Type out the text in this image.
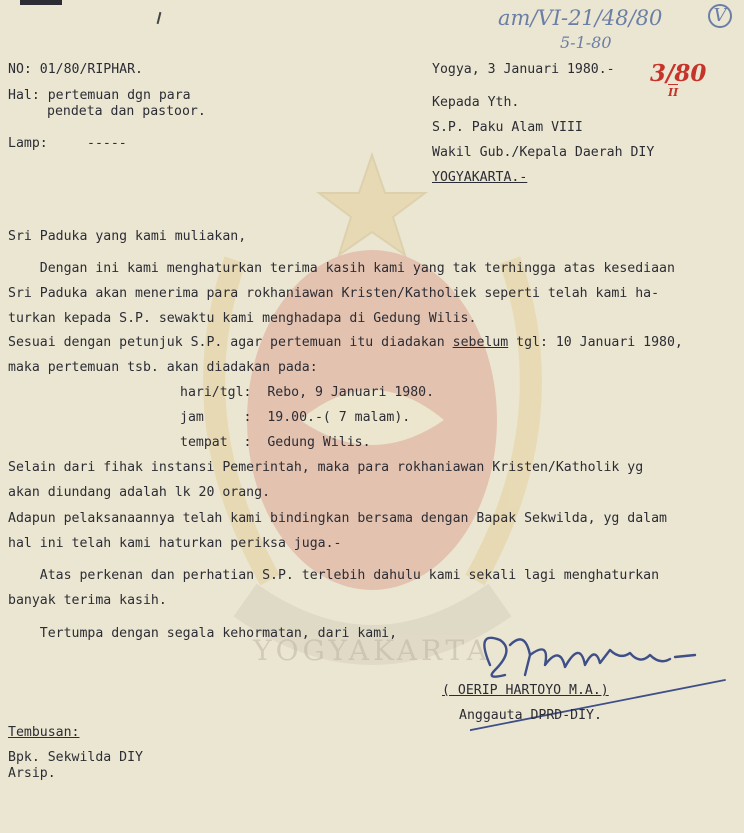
YOGYAKARTA
am/VI-21/48/80
5-1-80
V
3/80
II
NO: 01/80/RIPHAR.
Hal: pertemuan dgn para
pendeta dan pastoor.
Lamp:	-----
Yogya, 3 Januari 1980.-
Kepada Yth.
S.P. Paku Alam VIII
Wakil Gub./Kepala Daerah DIY
YOGYAKARTA.-
Sri Paduka yang kami muliakan,
Dengan ini kami menghaturkan terima kasih kami yang tak terhingga atas kesediaan
Sri Paduka akan menerima para rokhaniawan Kristen/Katholiek seperti telah kami ha-
turkan kepada S.P. sewaktu kami menghadapa di Gedung Wilis.
Sesuai dengan petunjuk S.P. agar pertemuan itu diadakan sebelum tgl: 10 Januari 1980,
maka pertemuan tsb. akan diadakan pada:
hari/tgl:  Rebo, 9 Januari 1980.
jam     :  19.00.-( 7 malam).
tempat  :  Gedung Wilis.
Selain dari fihak instansi Pemerintah, maka para rokhaniawan Kristen/Katholik yg
akan diundang adalah lk 20 orang.
Adapun pelaksanaannya telah kami bindingkan bersama dengan Bapak Sekwilda, yg dalam
hal ini telah kami haturkan periksa juga.-
Atas perkenan dan perhatian S.P. terlebih dahulu kami sekali lagi menghaturkan
banyak terima kasih.
Tertumpa dengan segala kehormatan, dari kami,
( OERIP HARTOYO M.A.)
Anggauta DPRD-DIY.
Tembusan:
Bpk. Sekwilda DIY
Arsip.
